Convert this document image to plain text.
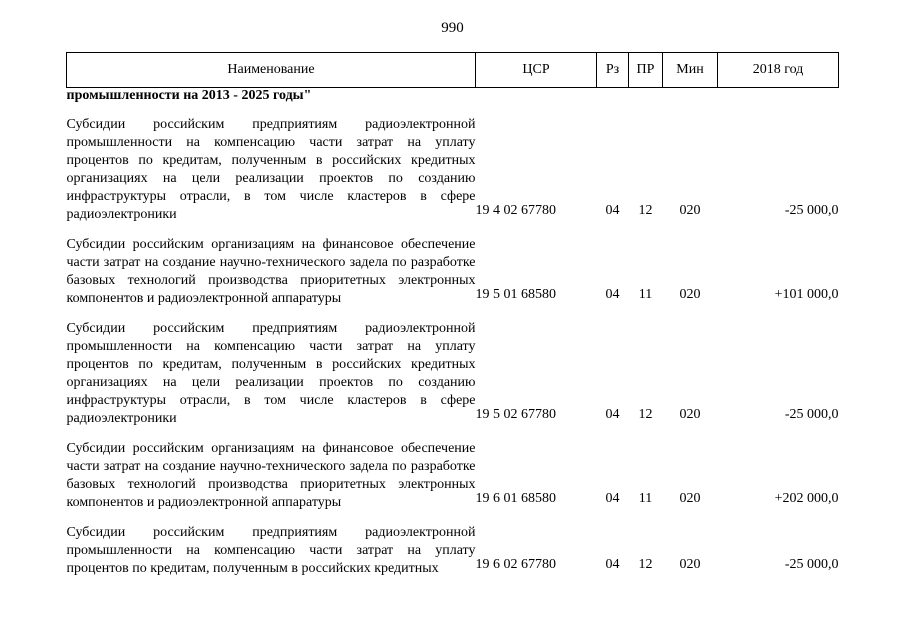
990
Наименование	ЦСР	Рз	ПР	Мин	2018 год
промышленности на 2013 - 2025 годы"					
Субсидии российским предприятиям радиоэлектронной промышленности на компенсацию части затрат на уплату процентов по кредитам, полученным в российских кредитных организациях на цели реализации проектов по созданию инфраструктуры отрасли, в том числе кластеров в сфере радиоэлектроники	19 4 02 67780	04	12	020	-25 000,0
Субсидии российским организациям на финансовое обеспечение части затрат на создание научно-технического задела по разработке базовых технологий производства приоритетных электронных компонентов и радиоэлектронной аппаратуры	19 5 01 68580	04	11	020	+101 000,0
Субсидии российским предприятиям радиоэлектронной промышленности на компенсацию части затрат на уплату процентов по кредитам, полученным в российских кредитных организациях на цели реализации проектов по созданию инфраструктуры отрасли, в том числе кластеров в сфере радиоэлектроники	19 5 02 67780	04	12	020	-25 000,0
Субсидии российским организациям на финансовое обеспечение части затрат на создание научно-технического задела по разработке базовых технологий производства приоритетных электронных компонентов и радиоэлектронной аппаратуры	19 6 01 68580	04	11	020	+202 000,0
Субсидии российским предприятиям радиоэлектронной промышленности на компенсацию части затрат на уплату процентов по кредитам, полученным в российских кредитных	19 6 02 67780	04	12	020	-25 000,0
